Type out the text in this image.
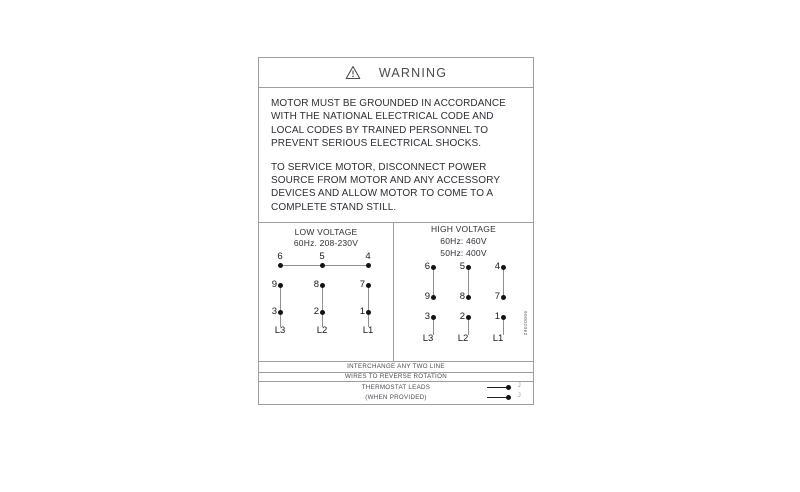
WARNING
MOTOR MUST BE GROUNDED IN ACCORDANCE
WITH THE NATIONAL ELECTRICAL CODE AND
LOCAL CODES BY TRAINED PERSONNEL TO
PREVENT SERIOUS ELECTRICAL SHOCKS.
TO SERVICE MOTOR, DISCONNECT POWER
SOURCE FROM MOTOR AND ANY ACCESSORY
DEVICES AND ALLOW MOTOR TO COME TO A
COMPLETE STAND STILL.
LOW VOLTAGE
60Hz. 208-230V
6	5	4
9	8	7
3	2	1
L3	L2	L1
HIGH VOLTAGE
60Hz: 460V
50Hz: 400V
6	5	4
9	8	7
3	2	1
L3	L2	L1
96002062
INTERCHANGE ANY TWO LINE
WIRES TO REVERSE ROTATION
THERMOSTAT LEADS
(WHEN PROVIDED)
J
J
